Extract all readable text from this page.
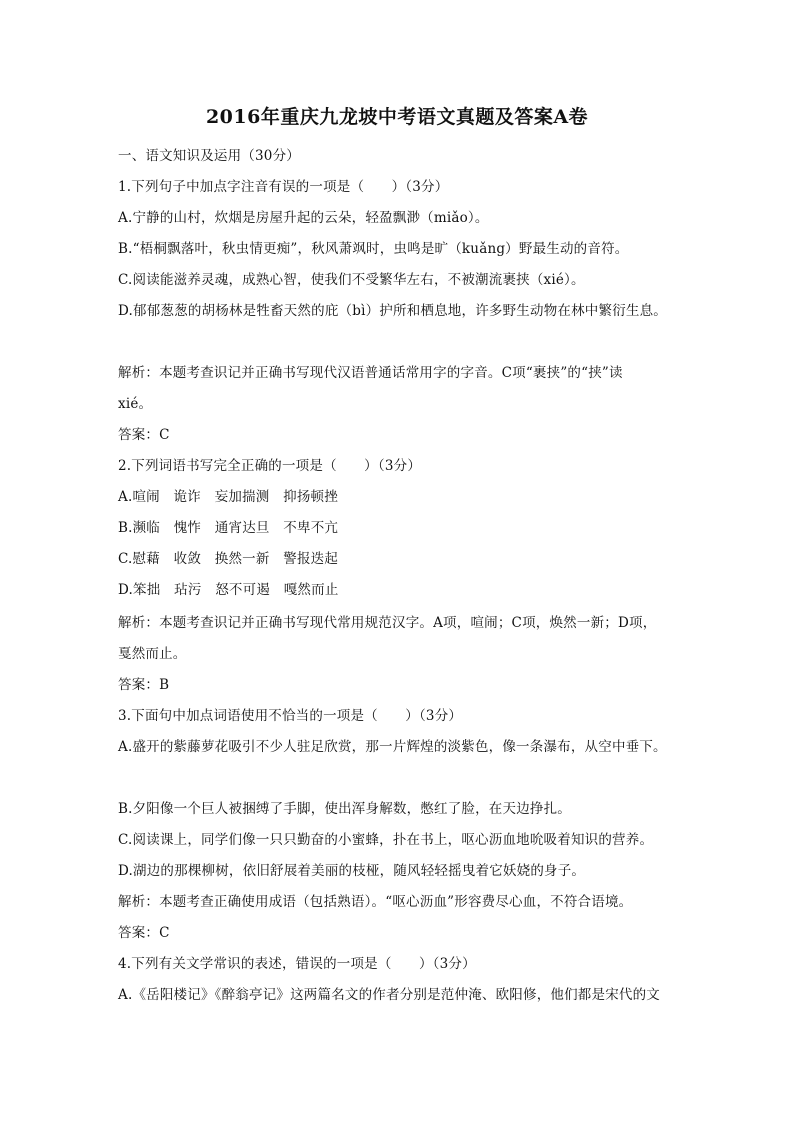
2016年重庆九龙坡中考语文真题及答案A卷
一、语文知识及运用（30分）
1.下列句子中加点字注音有误的一项是（　　）（3分）
A.宁静的山村，炊烟是房屋升起的云朵，轻盈飘渺（miǎo）。
B.“梧桐飘落叶，秋虫情更痴”，秋风萧飒时，虫鸣是旷（kuǎng）野最生动的音符。
C.阅读能滋养灵魂，成熟心智，使我们不受繁华左右，不被潮流裹挟（xié）。
D.郁郁葱葱的胡杨林是牲畜天然的庇（bì）护所和栖息地，许多野生动物在林中繁衍生息。
解析：本题考查识记并正确书写现代汉语普通话常用字的字音。C项“裹挟”的“挟”读
xié。
答案：C
2.下列词语书写完全正确的一项是（　　）（3分）
A.喧闹　诡诈　妄加揣测　抑扬顿挫
B.濒临　愧怍　通宵达旦　不卑不亢
C.慰藉　收敛　换然一新　警报迭起
D.笨拙　玷污　怒不可遏　嘎然而止
解析：本题考查识记并正确书写现代常用规范汉字。A项，喧闹；C项，焕然一新；D项，
戛然而止。
答案：B
3.下面句中加点词语使用不恰当的一项是（　　）（3分）
A.盛开的紫藤萝花吸引不少人驻足欣赏，那一片辉煌的淡紫色，像一条瀑布，从空中垂下。
B.夕阳像一个巨人被捆缚了手脚，使出浑身解数，憋红了脸，在天边挣扎。
C.阅读课上，同学们像一只只勤奋的小蜜蜂，扑在书上，呕心沥血地吮吸着知识的营养。
D.湖边的那棵柳树，依旧舒展着美丽的枝桠，随风轻轻摇曳着它妖娆的身子。
解析：本题考查正确使用成语（包括熟语）。“呕心沥血”形容费尽心血，不符合语境。
答案：C
4.下列有关文学常识的表述，错误的一项是（　　）（3分）
A.《岳阳楼记》《醉翁亭记》这两篇名文的作者分别是范仲淹、欧阳修，他们都是宋代的文
